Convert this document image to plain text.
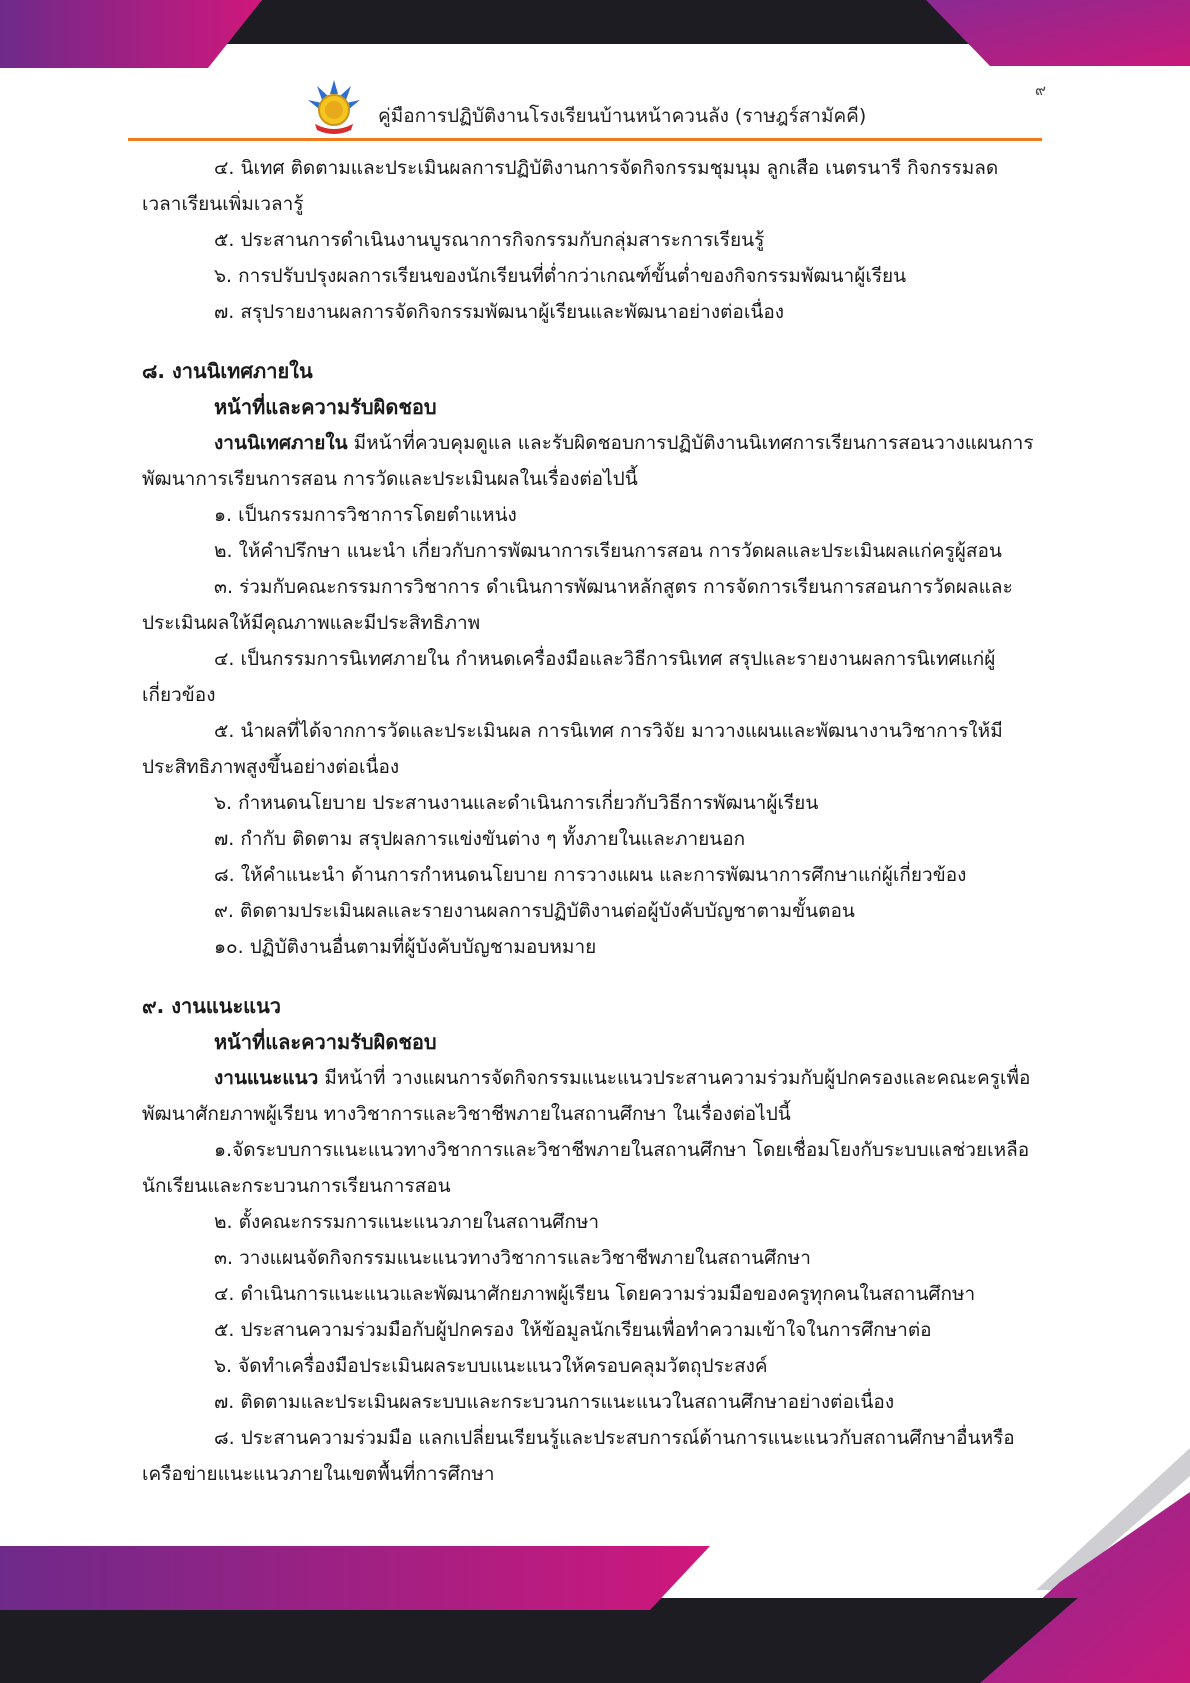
๙
คู่มือการปฏิบัติงานโรงเรียนบ้านหน้าควนลัง (ราษฎร์สามัคคี)

๔. นิเทศ ติดตามและประเมินผลการปฏิบัติงานการจัดกิจกรรมชุมนุม ลูกเสือ เนตรนารี กิจกรรมลดเวลาเรียนเพิ่มเวลารู้

๕. ประสานการดำเนินงานบูรณาการกิจกรรมกับกลุ่มสาระการเรียนรู้

๖. การปรับปรุงผลการเรียนของนักเรียนที่ต่ำกว่าเกณฑ์ขั้นต่ำของกิจกรรมพัฒนาผู้เรียน

๗. สรุปรายงานผลการจัดกิจกรรมพัฒนาผู้เรียนและพัฒนาอย่างต่อเนื่อง

๘. งานนิเทศภายใน

หน้าที่และความรับผิดชอบ

งานนิเทศภายใน มีหน้าที่ควบคุมดูแล และรับผิดชอบการปฏิบัติงานนิเทศการเรียนการสอนวางแผนการพัฒนาการเรียนการสอน การวัดและประเมินผลในเรื่องต่อไปนี้

๑. เป็นกรรมการวิชาการโดยตำแหน่ง

๒. ให้คำปรึกษา แนะนำ เกี่ยวกับการพัฒนาการเรียนการสอน การวัดผลและประเมินผลแก่ครูผู้สอน

๓. ร่วมกับคณะกรรมการวิชาการ ดำเนินการพัฒนาหลักสูตร การจัดการเรียนการสอนการวัดผลและประเมินผลให้มีคุณภาพและมีประสิทธิภาพ

๔. เป็นกรรมการนิเทศภายใน กำหนดเครื่องมือและวิธีการนิเทศ สรุปและรายงานผลการนิเทศแก่ผู้เกี่ยวข้อง

๕. นำผลที่ได้จากการวัดและประเมินผล การนิเทศ การวิจัย มาวางแผนและพัฒนางานวิชาการให้มีประสิทธิภาพสูงขึ้นอย่างต่อเนื่อง

๖. กำหนดนโยบาย ประสานงานและดำเนินการเกี่ยวกับวิธีการพัฒนาผู้เรียน

๗. กำกับ ติดตาม สรุปผลการแข่งขันต่าง ๆ ทั้งภายในและภายนอก

๘. ให้คำแนะนำ ด้านการกำหนดนโยบาย การวางแผน และการพัฒนาการศึกษาแก่ผู้เกี่ยวข้อง

๙. ติดตามประเมินผลและรายงานผลการปฏิบัติงานต่อผู้บังคับบัญชาตามขั้นตอน

๑๐. ปฏิบัติงานอื่นตามที่ผู้บังคับบัญชามอบหมาย

๙. งานแนะแนว

หน้าที่และความรับผิดชอบ

งานแนะแนว มีหน้าที่ วางแผนการจัดกิจกรรมแนะแนวประสานความร่วมกับผู้ปกครองและคณะครูเพื่อพัฒนาศักยภาพผู้เรียน ทางวิชาการและวิชาชีพภายในสถานศึกษา ในเรื่องต่อไปนี้

๑.จัดระบบการแนะแนวทางวิชาการและวิชาชีพภายในสถานศึกษา โดยเชื่อมโยงกับระบบแลช่วยเหลือนักเรียนและกระบวนการเรียนการสอน

๒. ตั้งคณะกรรมการแนะแนวภายในสถานศึกษา

๓. วางแผนจัดกิจกรรมแนะแนวทางวิชาการและวิชาชีพภายในสถานศึกษา

๔. ดำเนินการแนะแนวและพัฒนาศักยภาพผู้เรียน โดยความร่วมมือของครูทุกคนในสถานศึกษา

๕. ประสานความร่วมมือกับผู้ปกครอง ให้ข้อมูลนักเรียนเพื่อทำความเข้าใจในการศึกษาต่อ

๖. จัดทำเครื่องมือประเมินผลระบบแนะแนวให้ครอบคลุมวัตถุประสงค์

๗. ติดตามและประเมินผลระบบและกระบวนการแนะแนวในสถานศึกษาอย่างต่อเนื่อง

๘. ประสานความร่วมมือ แลกเปลี่ยนเรียนรู้และประสบการณ์ด้านการแนะแนวกับสถานศึกษาอื่นหรือเครือข่ายแนะแนวภายในเขตพื้นที่การศึกษา
